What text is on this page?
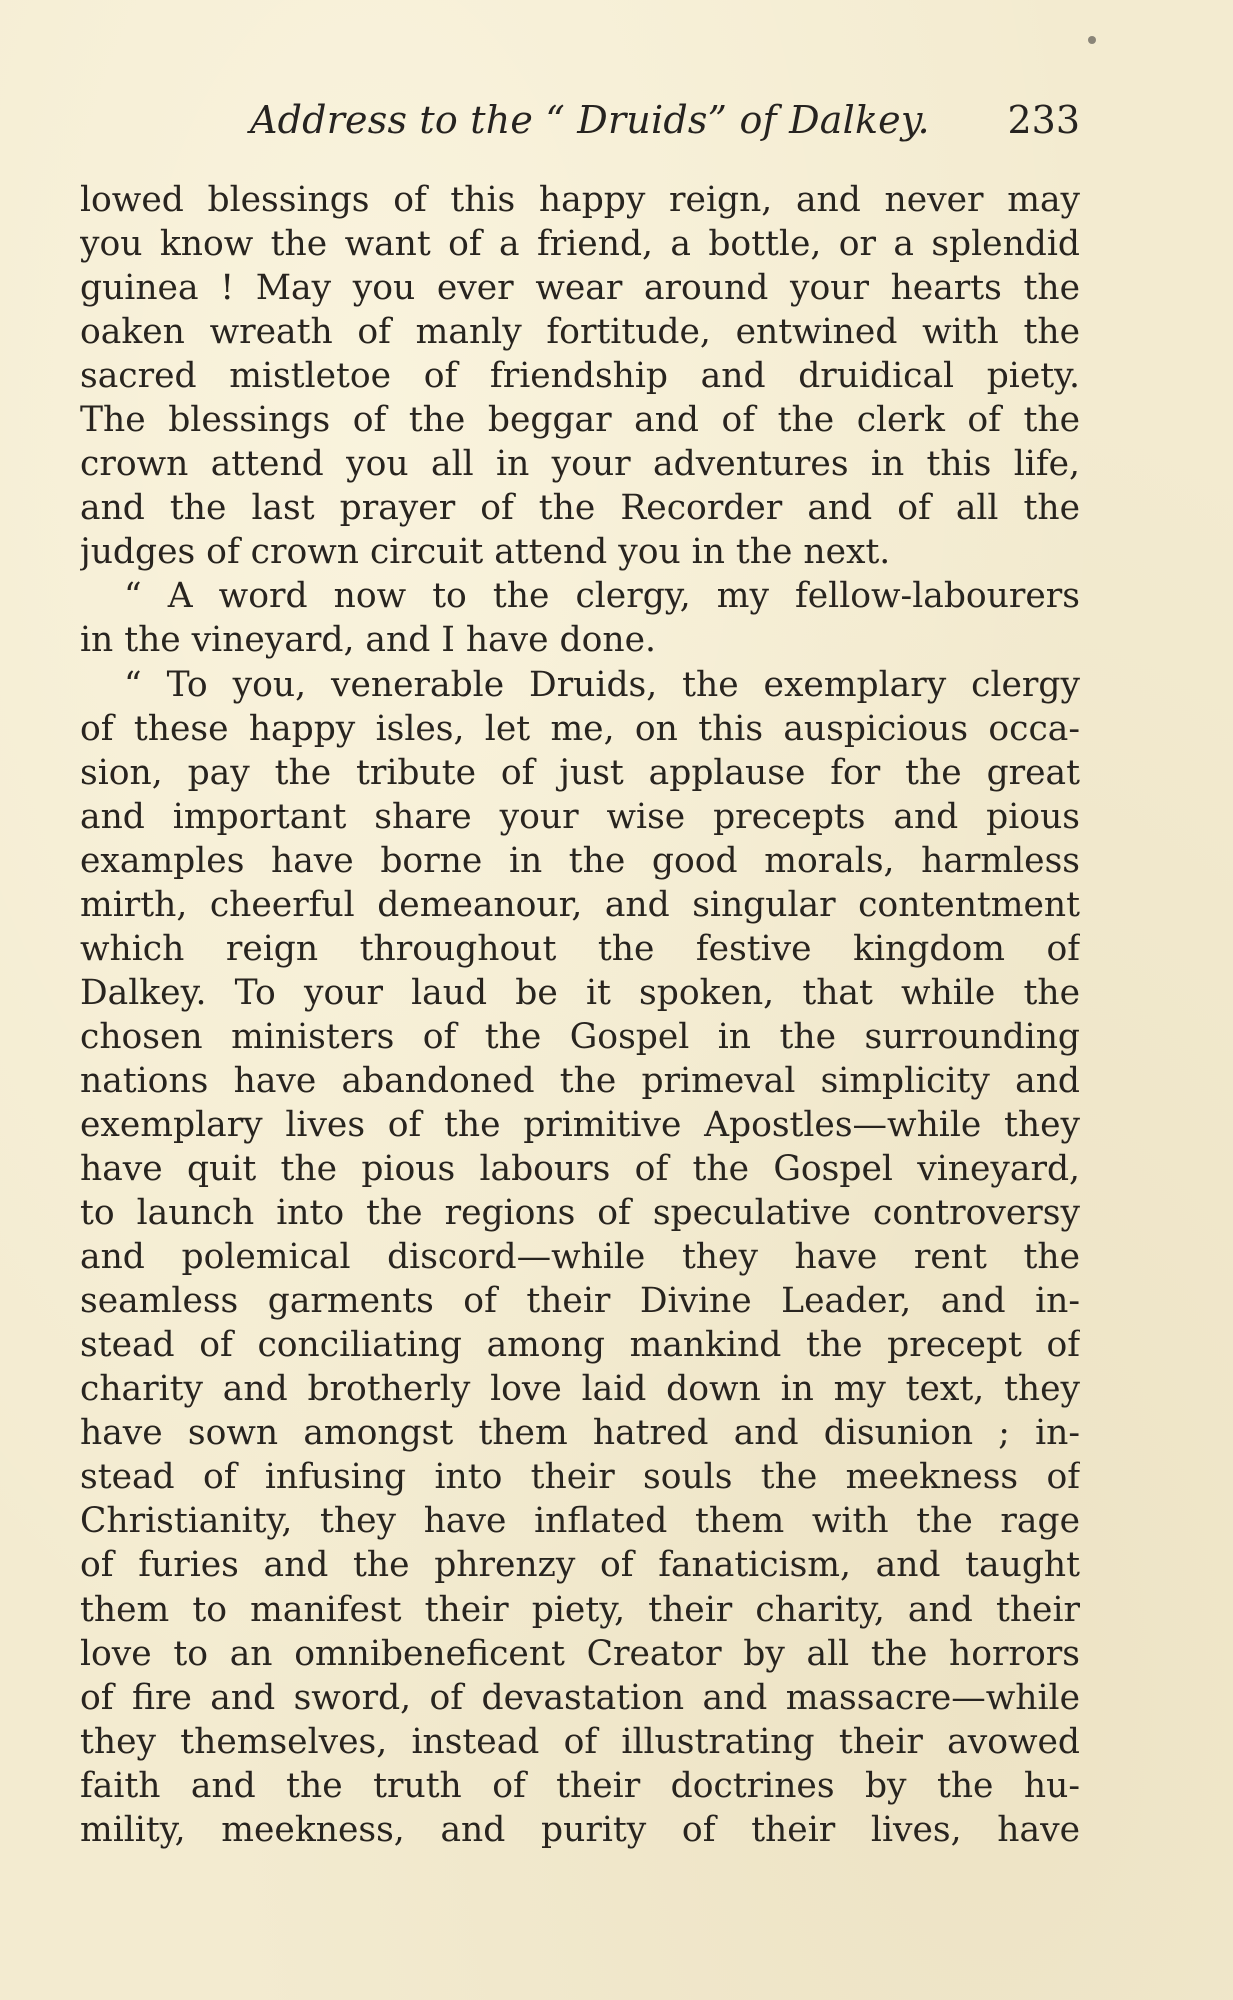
Address to the “ Druids” of Dalkey. 233
lowed blessings of this happy reign, and never may
you know the want of a friend, a bottle, or a splendid
guinea ! May you ever wear around your hearts the
oaken wreath of manly fortitude, entwined with the
sacred mistletoe of friendship and druidical piety.
The blessings of the beggar and of the clerk of the
crown attend you all in your adventures in this life,
and the last prayer of the Recorder and of all the
judges of crown circuit attend you in the next.
“ A word now to the clergy, my fellow-labourers
in the vineyard, and I have done.
“ To you, venerable Druids, the exemplary clergy
of these happy isles, let me, on this auspicious occa-
sion, pay the tribute of just applause for the great
and important share your wise precepts and pious
examples have borne in the good morals, harmless
mirth, cheerful demeanour, and singular contentment
which reign throughout the festive kingdom of
Dalkey. To your laud be it spoken, that while the
chosen ministers of the Gospel in the surrounding
nations have abandoned the primeval simplicity and
exemplary lives of the primitive Apostles—while they
have quit the pious labours of the Gospel vineyard,
to launch into the regions of speculative controversy
and polemical discord—while they have rent the
seamless garments of their Divine Leader, and in-
stead of conciliating among mankind the precept of
charity and brotherly love laid down in my text, they
have sown amongst them hatred and disunion ; in-
stead of infusing into their souls the meekness of
Christianity, they have inflated them with the rage
of furies and the phrenzy of fanaticism, and taught
them to manifest their piety, their charity, and their
love to an omnibeneficent Creator by all the horrors
of fire and sword, of devastation and massacre—while
they themselves, instead of illustrating their avowed
faith and the truth of their doctrines by the hu-
mility, meekness, and purity of their lives, have
